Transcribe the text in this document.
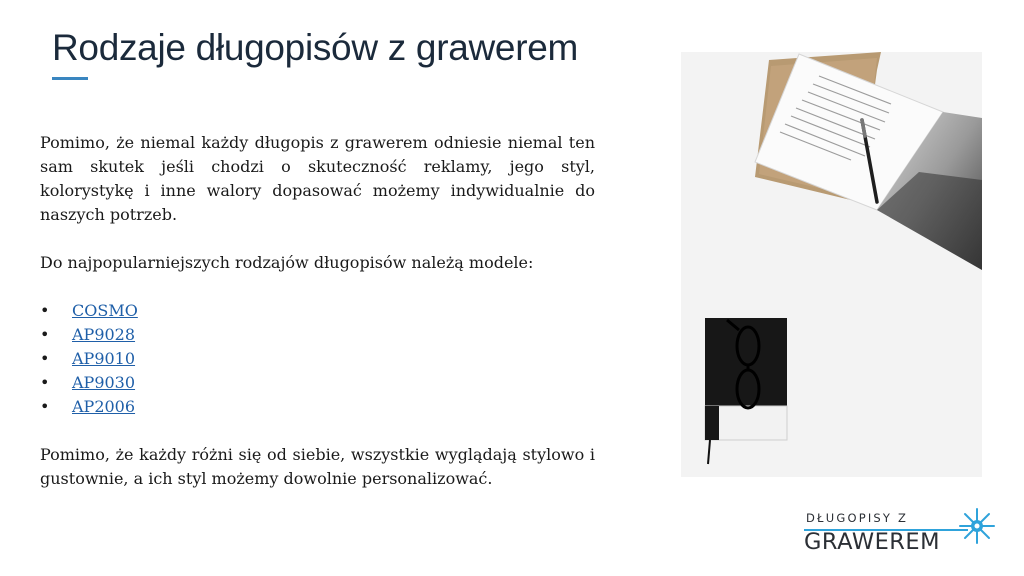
Rodzaje długopisów z grawerem

Pomimo, że niemal każdy długopis z grawerem odniesie niemal ten sam skutek jeśli chodzi o skuteczność reklamy, jego styl, kolorystykę i inne walory dopasować możemy indywidualnie do naszych potrzeb.

Do najpopularniejszych rodzajów długopisów należą modele:

• COSMO
• AP9028
• AP9010
• AP9030
• AP2006

Pomimo, że każdy różni się od siebie, wszystkie wyglądają stylowo i gustownie, a ich styl możemy dowolnie personalizować.

DŁUGOPISY Z
GRAWEREM
